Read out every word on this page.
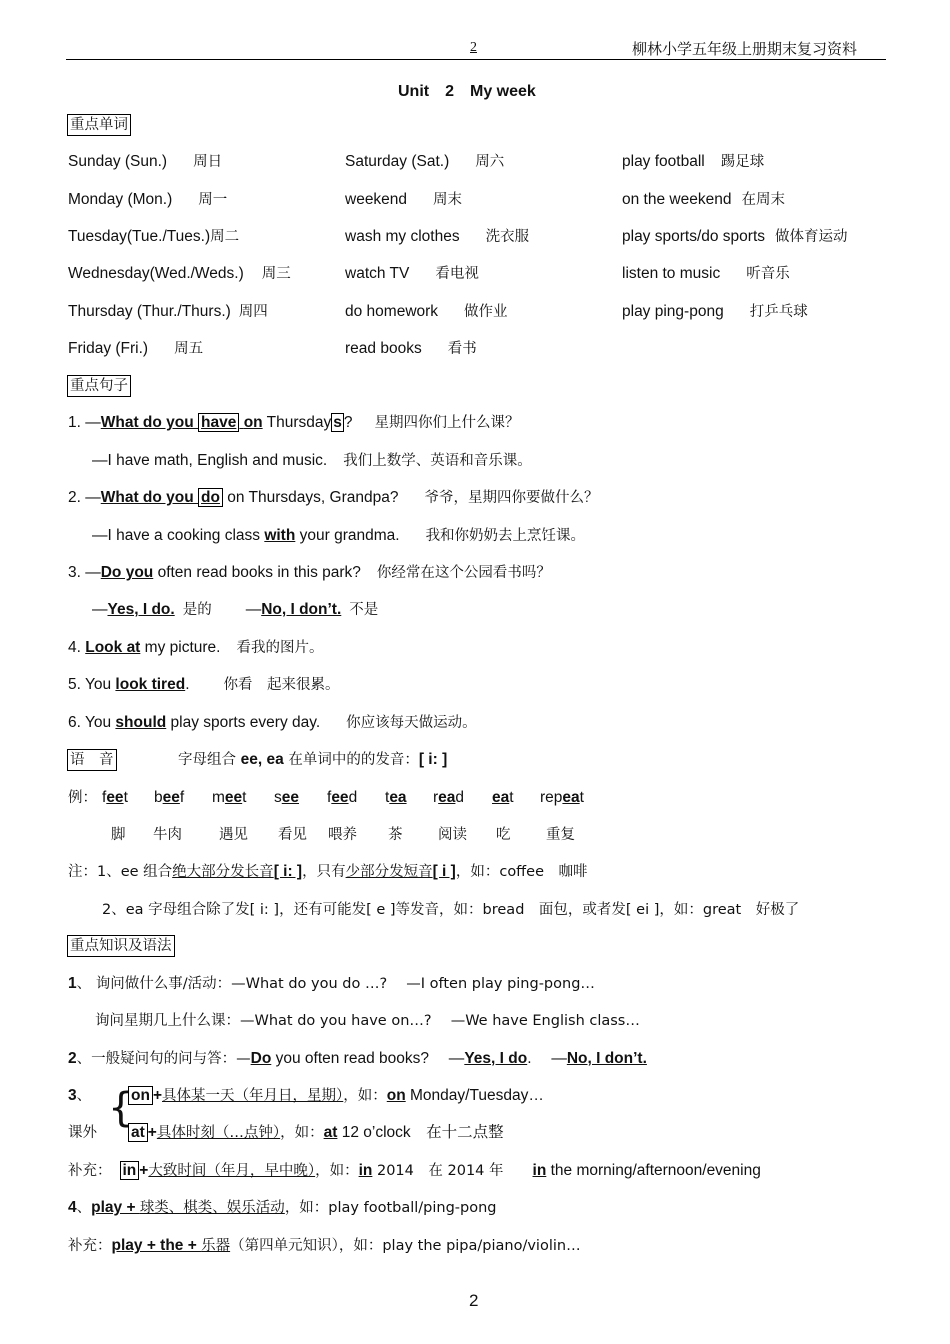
2	柳林小学五年级上册期末复习资料
Unit　2　My week
重点单词
Sunday (Sun.) 周日	Saturday (Sat.) 周六	play football 踢足球
Monday (Mon.) 周一	weekend 周末	on the weekend 在周末
Tuesday(Tue./Tues.)周二	wash my clothes 洗衣服	play sports/do sports 做体育运动
Wednesday(Wed./Weds.) 周三	watch TV 看电视	listen to music 听音乐
Thursday (Thur./Thurs.) 周四	do homework 做作业	play ping-pong 打乒乓球
Friday (Fri.) 周五	read books 看书
重点句子
1. —What do you have on Thursday s ? 星期四你们上什么课？
—I have math, English and music. 我们上数学、英语和音乐课。
2. —What do you do on Thursdays, Grandpa? 爷爷，星期四你要做什么？
—I have a cooking class with your grandma. 我和你奶奶去上烹饪课。
3. —Do you often read books in this park? 你经常在这个公园看书吗？
—Yes, I do. 是的 —No, I don’t. 不是
4. Look at my picture. 看我的图片。
5. You look tired. 你看　起来很累。
6. You should play sports every day. 你应该每天做运动。
语　音	字母组合 ee, ea 在单词中的的发音：[ i: ]
例： feet beef meet see feed tea read eat repeat
脚 牛肉	遇见 看见 喂养 茶 阅读 吃 重复
注：1、ee 组合绝大部分发长音[ i: ]，只有少部分发短音[ i ]，如：coffee　咖啡
2、ea 字母组合除了发[ i: ]，还有可能发[ e ]等发音，如：bread　面包，或者发[ ei ]，如：great　好极了
重点知识及语法
1、 询问做什么事/活动：—What do you do …?　 —I often play ping-pong…
询问星期几上什么课：—What do you have on…?　 —We have English class…
2、一般疑问句的问与答：—Do you often read books?　 —Yes, I do.　 —No, I don’t.
3、 {
on +具体某一天（年月日，星期），如：on Monday/Tuesday…
课外 at +具体时刻（…点钟），如：at 12 o’clock　在十二点整
补充： in +大致时间（年月，早中晚），如：in 2014　在 2014 年　　in the morning/afternoon/evening
4、play + 球类、棋类、娱乐活动，如：play football/ping-pong
补充：play + the + 乐器（第四单元知识），如：play the pipa/piano/violin…
2
